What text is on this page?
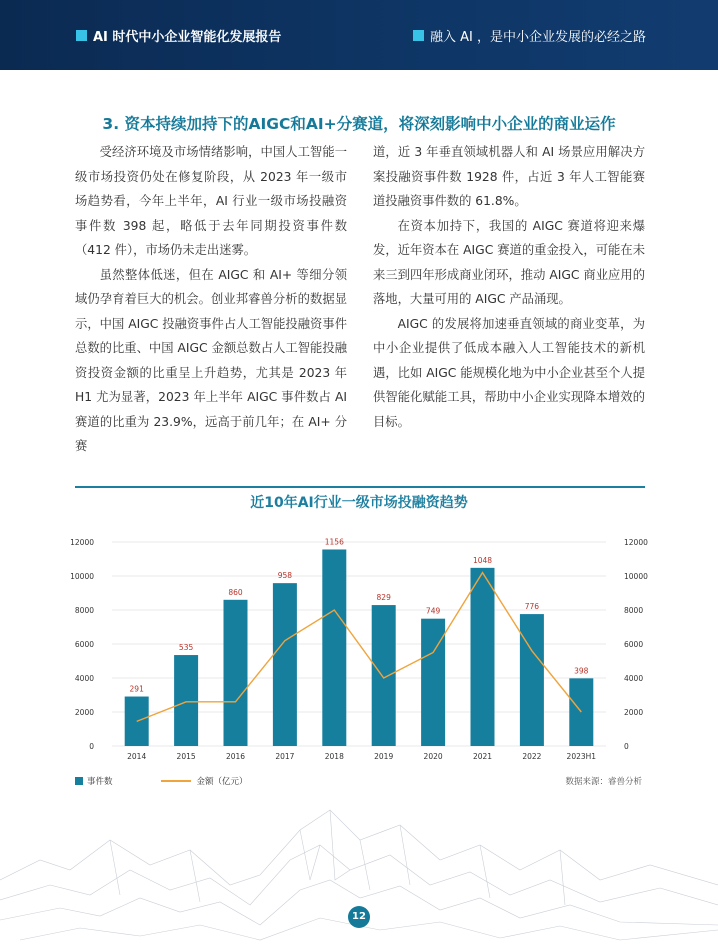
AI 时代中小企业智能化发展报告	融入 AI ，是中小企业发展的必经之路
3. 资本持续加持下的AIGC和AI+分赛道，将深刻影响中小企业的商业运作

受经济环境及市场情绪影响，中国人工智能一级市场投资仍处在修复阶段，从 2023 年一级市场趋势看，今年上半年，AI 行业一级市场投融资事件数 398 起，略低于去年同期投资事件数（412 件），市场仍未走出迷雾。

虽然整体低迷，但在 AIGC 和 AI+ 等细分领域仍孕育着巨大的机会。创业邦睿兽分析的数据显示，中国 AIGC 投融资事件占人工智能投融资事件总数的比重、中国 AIGC 金额总数占人工智能投融资投资金额的比重呈上升趋势，尤其是 2023 年 H1 尤为显著，2023 年上半年 AIGC 事件数占 AI 赛道的比重为 23.9%，远高于前几年；在 AI+ 分赛

道，近 3 年垂直领域机器人和 AI 场景应用解决方案投融资事件数 1928 件，占近 3 年人工智能赛道投融资事件数的 61.8%。

在资本加持下，我国的 AIGC 赛道将迎来爆发，近年资本在 AIGC 赛道的重金投入，可能在未来三到四年形成商业闭环，推动 AIGC 商业应用的落地，大量可用的 AIGC 产品涌现。

AIGC 的发展将加速垂直领域的商业变革，为中小企业提供了低成本融入人工智能技术的新机遇，比如 AIGC 能规模化地为中小企业甚至个人提供智能化赋能工具，帮助中小企业实现降本增效的目标。

近10年AI行业一级市场投融资趋势
0	0
2000	2000
4000	4000
6000	6000
8000	8000
10000	10000
12000	12000
291
2014
535
2015
860
2016
958
2017
1156
2018
829
2019
749
2020
1048
2021
776
2022
398
2023H1
事件数	金额（亿元）	数据来源：睿兽分析
12
